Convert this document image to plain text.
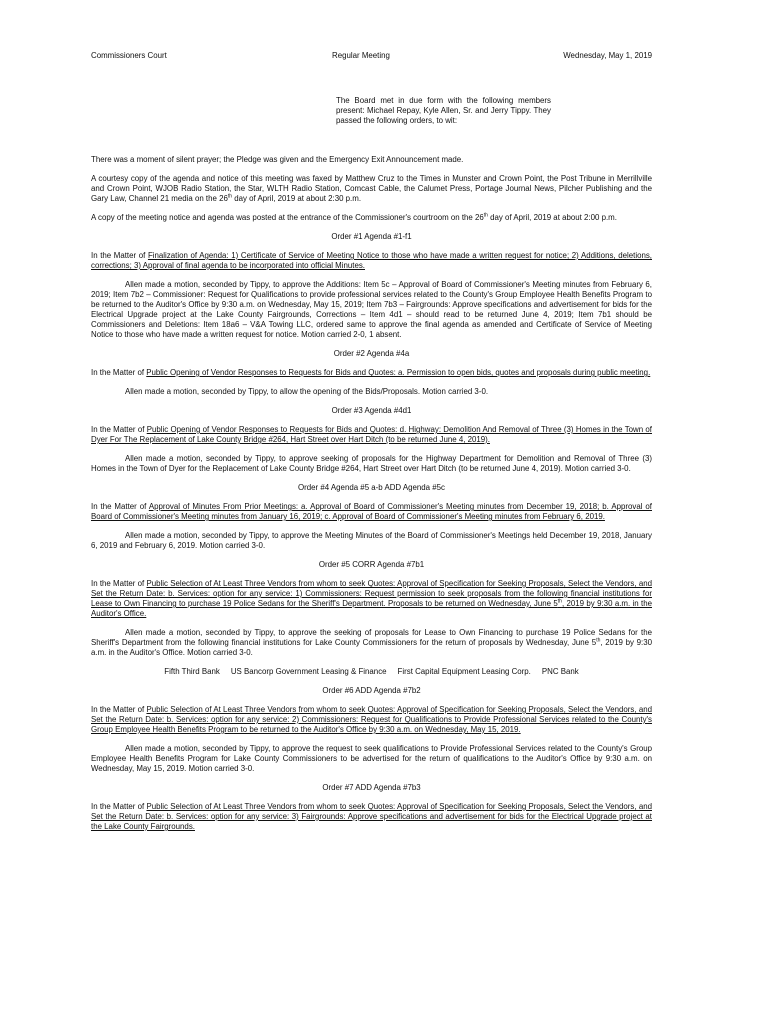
Commissioners Court	Regular Meeting	Wednesday, May 1, 2019

The Board met in due form with the following members present: Michael Repay, Kyle Allen, Sr. and Jerry Tippy. They passed the following orders, to wit:

There was a moment of silent prayer; the Pledge was given and the Emergency Exit Announcement made.

A courtesy copy of the agenda and notice of this meeting was faxed by Matthew Cruz to the Times in Munster and Crown Point, the Post Tribune in Merrillville and Crown Point, WJOB Radio Station, the Star, WLTH Radio Station, Comcast Cable, the Calumet Press, Portage Journal News, Pilcher Publishing and the Gary Law, Channel 21 media on the 26th day of April, 2019 at about 2:30 p.m.

A copy of the meeting notice and agenda was posted at the entrance of the Commissioner's courtroom on the 26th day of April, 2019 at about 2:00 p.m.

Order #1 Agenda #1-f1

In the Matter of Finalization of Agenda: 1) Certificate of Service of Meeting Notice to those who have made a written request for notice; 2) Additions, deletions, corrections; 3) Approval of final agenda to be incorporated into official Minutes.

Allen made a motion, seconded by Tippy, to approve the Additions: Item 5c – Approval of Board of Commissioner's Meeting minutes from February 6, 2019; Item 7b2 – Commissioner: Request for Qualifications to provide professional services related to the County's Group Employee Health Benefits Program to be returned to the Auditor's Office by 9:30 a.m. on Wednesday, May 15, 2019; Item 7b3 – Fairgrounds: Approve specifications and advertisement for bids for the Electrical Upgrade project at the Lake County Fairgrounds, Corrections – Item 4d1 – should read to be returned June 4, 2019; Item 7b1 should be Commissioners and Deletions: Item 18a6 – V&A Towing LLC, ordered same to approve the final agenda as amended and Certificate of Service of Meeting Notice to those who have made a written request for notice. Motion carried 2-0, 1 absent.

Order #2 Agenda #4a

In the Matter of Public Opening of Vendor Responses to Requests for Bids and Quotes: a. Permission to open bids, quotes and proposals during public meeting.

Allen made a motion, seconded by Tippy, to allow the opening of the Bids/Proposals. Motion carried 3-0.

Order #3 Agenda #4d1

In the Matter of Public Opening of Vendor Responses to Requests for Bids and Quotes: d. Highway: Demolition And Removal of Three (3) Homes in the Town of Dyer For The Replacement of Lake County Bridge #264, Hart Street over Hart Ditch (to be returned June 4, 2019).

Allen made a motion, seconded by Tippy, to approve seeking of proposals for the Highway Department for Demolition and Removal of Three (3) Homes in the Town of Dyer for the Replacement of Lake County Bridge #264, Hart Street over Hart Ditch (to be returned June 4, 2019). Motion carried 3-0.

Order #4 Agenda #5 a-b ADD Agenda #5c

In the Matter of Approval of Minutes From Prior Meetings: a. Approval of Board of Commissioner's Meeting minutes from December 19, 2018; b. Approval of Board of Commissioner's Meeting minutes from January 16, 2019; c. Approval of Board of Commissioner's Meeting minutes from February 6, 2019.

Allen made a motion, seconded by Tippy, to approve the Meeting Minutes of the Board of Commissioner's Meetings held December 19, 2018, January 6, 2019 and February 6, 2019. Motion carried 3-0.

Order #5 CORR Agenda #7b1

In the Matter of Public Selection of At Least Three Vendors from whom to seek Quotes: Approval of Specification for Seeking Proposals, Select the Vendors, and Set the Return Date: b. Services: option for any service: 1) Commissioners: Request permission to seek proposals from the following financial institutions for Lease to Own Financing to purchase 19 Police Sedans for the Sheriff's Department. Proposals to be returned on Wednesday, June 5th, 2019 by 9:30 a.m. in the Auditor's Office.

Allen made a motion, seconded by Tippy, to approve the seeking of proposals for Lease to Own Financing to purchase 19 Police Sedans for the Sheriff's Department from the following financial institutions for Lake County Commissioners for the return of proposals by Wednesday, June 5th, 2019 by 9:30 a.m. in the Auditor's Office. Motion carried 3-0.

Fifth Third Bank US Bancorp Government Leasing & Finance First Capital Equipment Leasing Corp. PNC Bank

Order #6 ADD Agenda #7b2

In the Matter of Public Selection of At Least Three Vendors from whom to seek Quotes: Approval of Specification for Seeking Proposals, Select the Vendors, and Set the Return Date: b. Services: option for any service: 2) Commissioners: Request for Qualifications to Provide Professional Services related to the County's Group Employee Health Benefits Program to be returned to the Auditor's Office by 9:30 a.m. on Wednesday, May 15, 2019.

Allen made a motion, seconded by Tippy, to approve the request to seek qualifications to Provide Professional Services related to the County's Group Employee Health Benefits Program for Lake County Commissioners to be advertised for the return of qualifications to the Auditor's Office by 9:30 a.m. on Wednesday, May 15, 2019. Motion carried 3-0.

Order #7 ADD Agenda #7b3

In the Matter of Public Selection of At Least Three Vendors from whom to seek Quotes: Approval of Specification for Seeking Proposals, Select the Vendors, and Set the Return Date: b. Services: option for any service: 3) Fairgrounds: Approve specifications and advertisement for bids for the Electrical Upgrade project at the Lake County Fairgrounds.
